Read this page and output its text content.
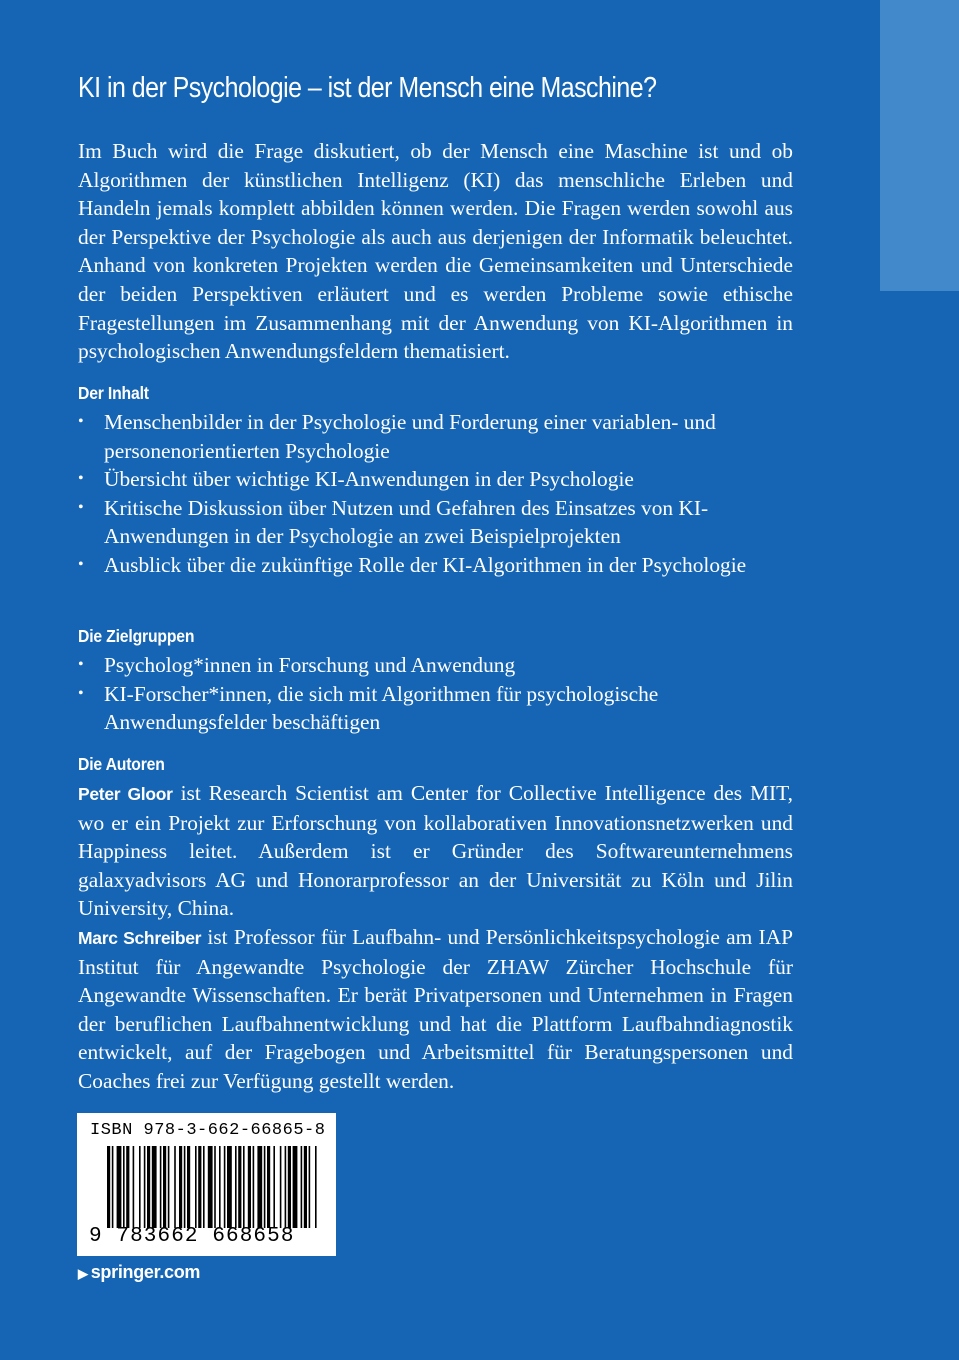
KI in der Psychologie – ist der Mensch eine Maschine?

Im Buch wird die Frage diskutiert, ob der Mensch eine Maschine ist und ob Algorithmen der künstlichen Intelligenz (KI) das menschliche Erleben und Handeln jemals komplett abbilden können werden. Die Fragen werden sowohl aus der Perspektive der Psychologie als auch aus derjenigen der Informatik beleuchtet. Anhand von konkreten Projekten werden die Gemeinsamkeiten und Unterschiede der beiden Perspektiven erläutert und es werden Probleme sowie ethische Fragestellungen im Zusammenhang mit der Anwendung von KI-Algorithmen in psychologischen Anwendungsfeldern thematisiert.

Der Inhalt
• Menschenbilder in der Psychologie und Forderung einer variablen- und personenorientierten Psychologie
• Übersicht über wichtige KI-Anwendungen in der Psychologie
• Kritische Diskussion über Nutzen und Gefahren des Einsatzes von KI-Anwendungen in der Psychologie an zwei Beispielprojekten
• Ausblick über die zukünftige Rolle der KI-Algorithmen in der Psychologie
Die Zielgruppen
• Psycholog*innen in Forschung und Anwendung
• KI-Forscher*innen, die sich mit Algorithmen für psychologische Anwendungsfelder beschäftigen
Die Autoren

Peter Gloor ist Research Scientist am Center for Collective Intelligence des MIT, wo er ein Projekt zur Erforschung von kollaborativen Innovationsnetzwerken und Happiness leitet. Außerdem ist er Gründer des Softwareunternehmens galaxyadvisors AG und Honorarprofessor an der Universität zu Köln und Jilin University, China.

Marc Schreiber ist Professor für Laufbahn- und Persönlichkeitspsychologie am IAP Institut für Angewandte Psychologie der ZHAW Zürcher Hochschule für Angewandte Wissenschaften. Er berät Privatpersonen und Unternehmen in Fragen der beruflichen Laufbahnentwicklung und hat die Plattform Laufbahndiagnostik entwickelt, auf der Fragebogen und Arbeitsmittel für Beratungspersonen und Coaches frei zur Verfügung gestellt werden.

ISBN 978-3-662-66865-8
9 783662 668658
▶ springer.com
